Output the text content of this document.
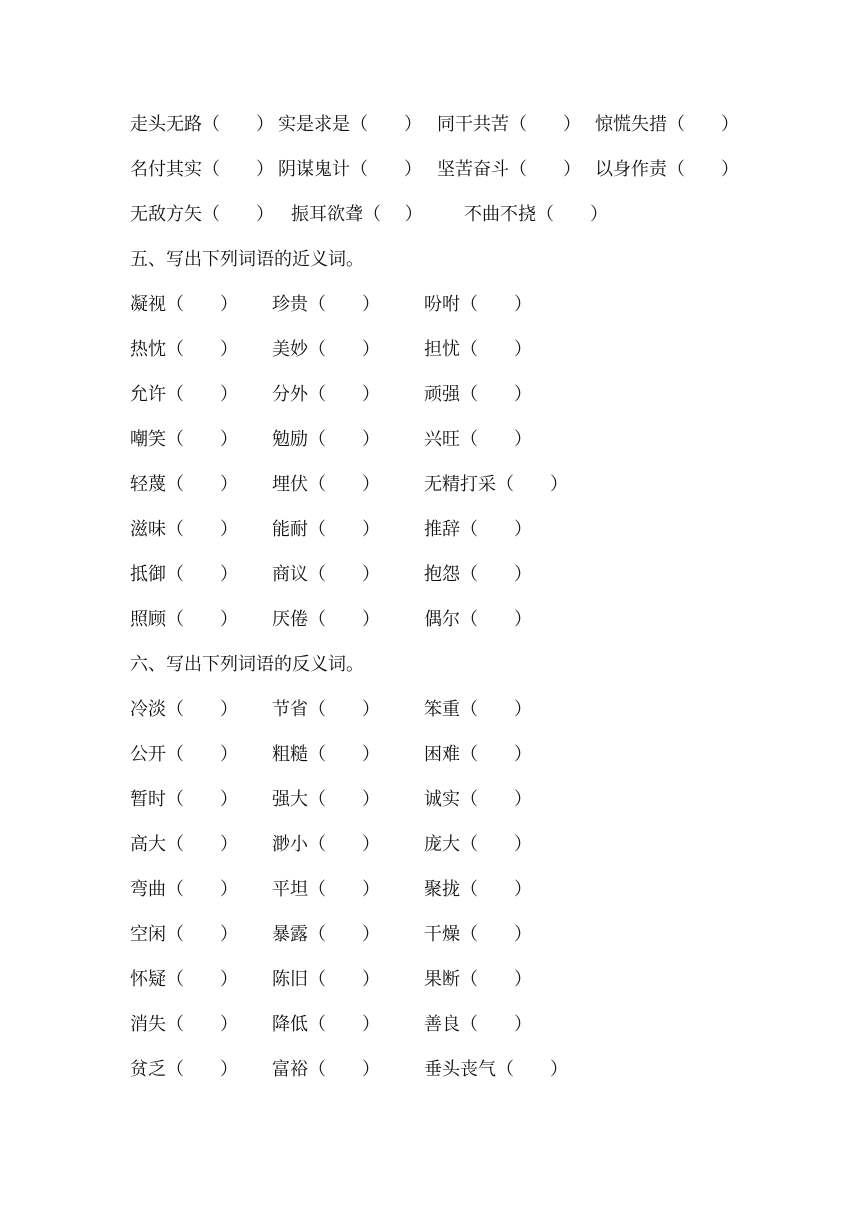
走头无路（　　） 实是求是（　　） 同干共苦（　　） 惊慌失措（　　）
名付其实（　　） 阴谋鬼计（　　） 坚苦奋斗（　　） 以身作责（　　）
无敌方矢（　　） 振耳欲聋（　 ） 不曲不挠（　　）
五、写出下列词语的近义词。
凝视（　　） 珍贵（　　） 吩咐（　　）
热忱（　　） 美妙（　　） 担忧（　　）
允许（　　） 分外（　　） 顽强（　　）
嘲笑（　　） 勉励（　　） 兴旺（　　）
轻蔑（　　） 埋伏（　　） 无精打采（　　）
滋味（　　） 能耐（　　） 推辞（　　）
抵御（　　） 商议（　　） 抱怨（　　）
照顾（　　） 厌倦（　　） 偶尔（　　）
六、写出下列词语的反义词。
冷淡（　　） 节省（　　） 笨重（　　）
公开（　　） 粗糙（　　） 困难（　　）
暂时（　　） 强大（　　） 诚实（　　）
高大（　　） 渺小（　　） 庞大（　　）
弯曲（　　） 平坦（　　） 聚拢（　　）
空闲（　　） 暴露（　　） 干燥（　　）
怀疑（　　） 陈旧（　　） 果断（　　）
消失（　　） 降低（　　） 善良（　　）
贫乏（　　） 富裕（　　） 垂头丧气（　　）
